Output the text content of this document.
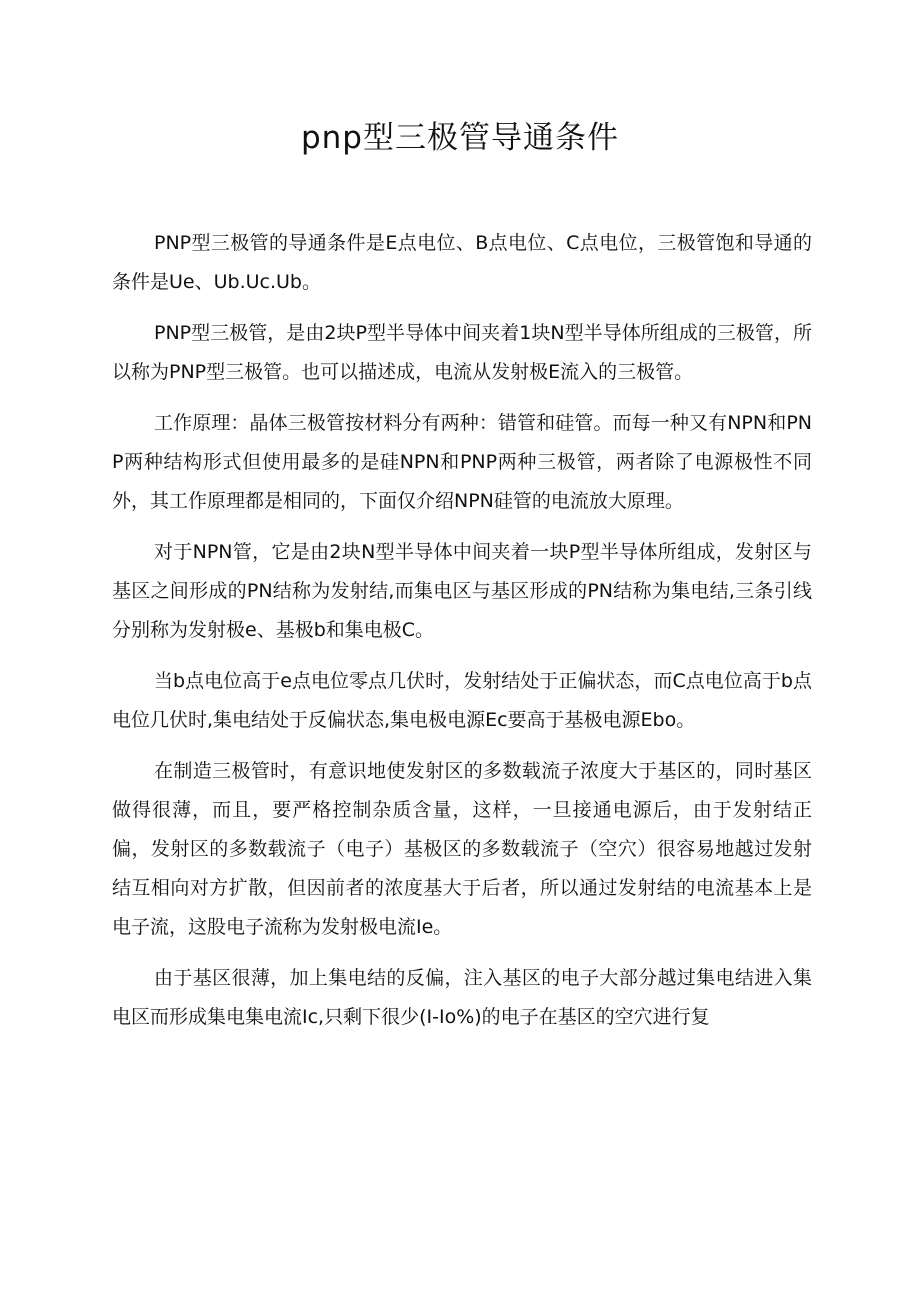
pnp型三极管导通条件

PNP型三极管的导通条件是E点电位、B点电位、C点电位，三极管饱和导通的条件是Ue、Ub.Uc.Ub。

PNP型三极管，是由2块P型半导体中间夹着1块N型半导体所组成的三极管，所以称为PNP型三极管。也可以描述成，电流从发射极E流入的三极管。

工作原理：晶体三极管按材料分有两种：错管和硅管。而每一种又有NPN和PNP两种结构形式但使用最多的是硅NPN和PNP两种三极管，两者除了电源极性不同外，其工作原理都是相同的，下面仅介绍NPN硅管的电流放大原理。

对于NPN管，它是由2块N型半导体中间夹着一块P型半导体所组成，发射区与基区之间形成的PN结称为发射结,而集电区与基区形成的PN结称为集电结,三条引线分别称为发射极e、基极b和集电极C。

当b点电位高于e点电位零点几伏时，发射结处于正偏状态，而C点电位高于b点电位几伏时,集电结处于反偏状态,集电极电源Ec要高于基极电源Ebo。

在制造三极管时，有意识地使发射区的多数载流子浓度大于基区的，同时基区做得很薄，而且，要严格控制杂质含量，这样，一旦接通电源后，由于发射结正偏，发射区的多数载流子（电子）基极区的多数载流子（空穴）很容易地越过发射结互相向对方扩散，但因前者的浓度基大于后者，所以通过发射结的电流基本上是电子流，这股电子流称为发射极电流Ie。

由于基区很薄，加上集电结的反偏，注入基区的电子大部分越过集电结进入集电区而形成集电集电流Ic,只剩下很少(I-Io%)的电子在基区的空穴进行复
